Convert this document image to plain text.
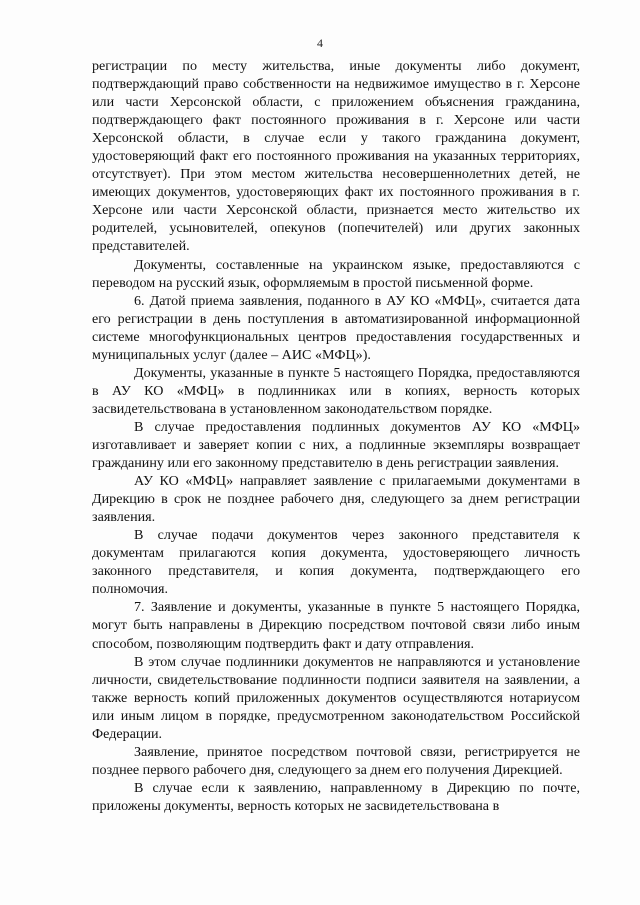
4

регистрации по месту жительства, иные документы либо документ, подтверждающий право собственности на недвижимое имущество в г. Херсоне или части Херсонской области, с приложением объяснения гражданина, подтверждающего факт постоянного проживания в г. Херсоне или части Херсонской области, в случае если у такого гражданина документ, удостоверяющий факт его постоянного проживания на указанных территориях, отсутствует). При этом местом жительства несовершеннолетних детей, не имеющих документов, удостоверяющих факт их постоянного проживания в г. Херсоне или части Херсонской области, признается место жительство их родителей, усыновителей, опекунов (попечителей) или других законных представителей.

Документы, составленные на украинском языке, предоставляются с переводом на русский язык, оформляемым в простой письменной форме.

6. Датой приема заявления, поданного в АУ КО «МФЦ», считается дата его регистрации в день поступления в автоматизированной информационной системе многофункциональных центров предоставления государственных и муниципальных услуг (далее – АИС «МФЦ»).

Документы, указанные в пункте 5 настоящего Порядка, предоставляются в АУ КО «МФЦ» в подлинниках или в копиях, верность которых засвидетельствована в установленном законодательством порядке.

В случае предоставления подлинных документов АУ КО «МФЦ» изготавливает и заверяет копии с них, а подлинные экземпляры возвращает гражданину или его законному представителю в день регистрации заявления.

АУ КО «МФЦ» направляет заявление с прилагаемыми документами в Дирекцию в срок не позднее рабочего дня, следующего за днем регистрации заявления.

В случае подачи документов через законного представителя к документам прилагаются копия документа, удостоверяющего личность законного представителя, и копия документа, подтверждающего его полномочия.

7. Заявление и документы, указанные в пункте 5 настоящего Порядка, могут быть направлены в Дирекцию посредством почтовой связи либо иным способом, позволяющим подтвердить факт и дату отправления.

В этом случае подлинники документов не направляются и установление личности, свидетельствование подлинности подписи заявителя на заявлении, а также верность копий приложенных документов осуществляются нотариусом или иным лицом в порядке, предусмотренном законодательством Российской Федерации.

Заявление, принятое посредством почтовой связи, регистрируется не позднее первого рабочего дня, следующего за днем его получения Дирекцией.

В случае если к заявлению, направленному в Дирекцию по почте, приложены документы, верность которых не засвидетельствована в
